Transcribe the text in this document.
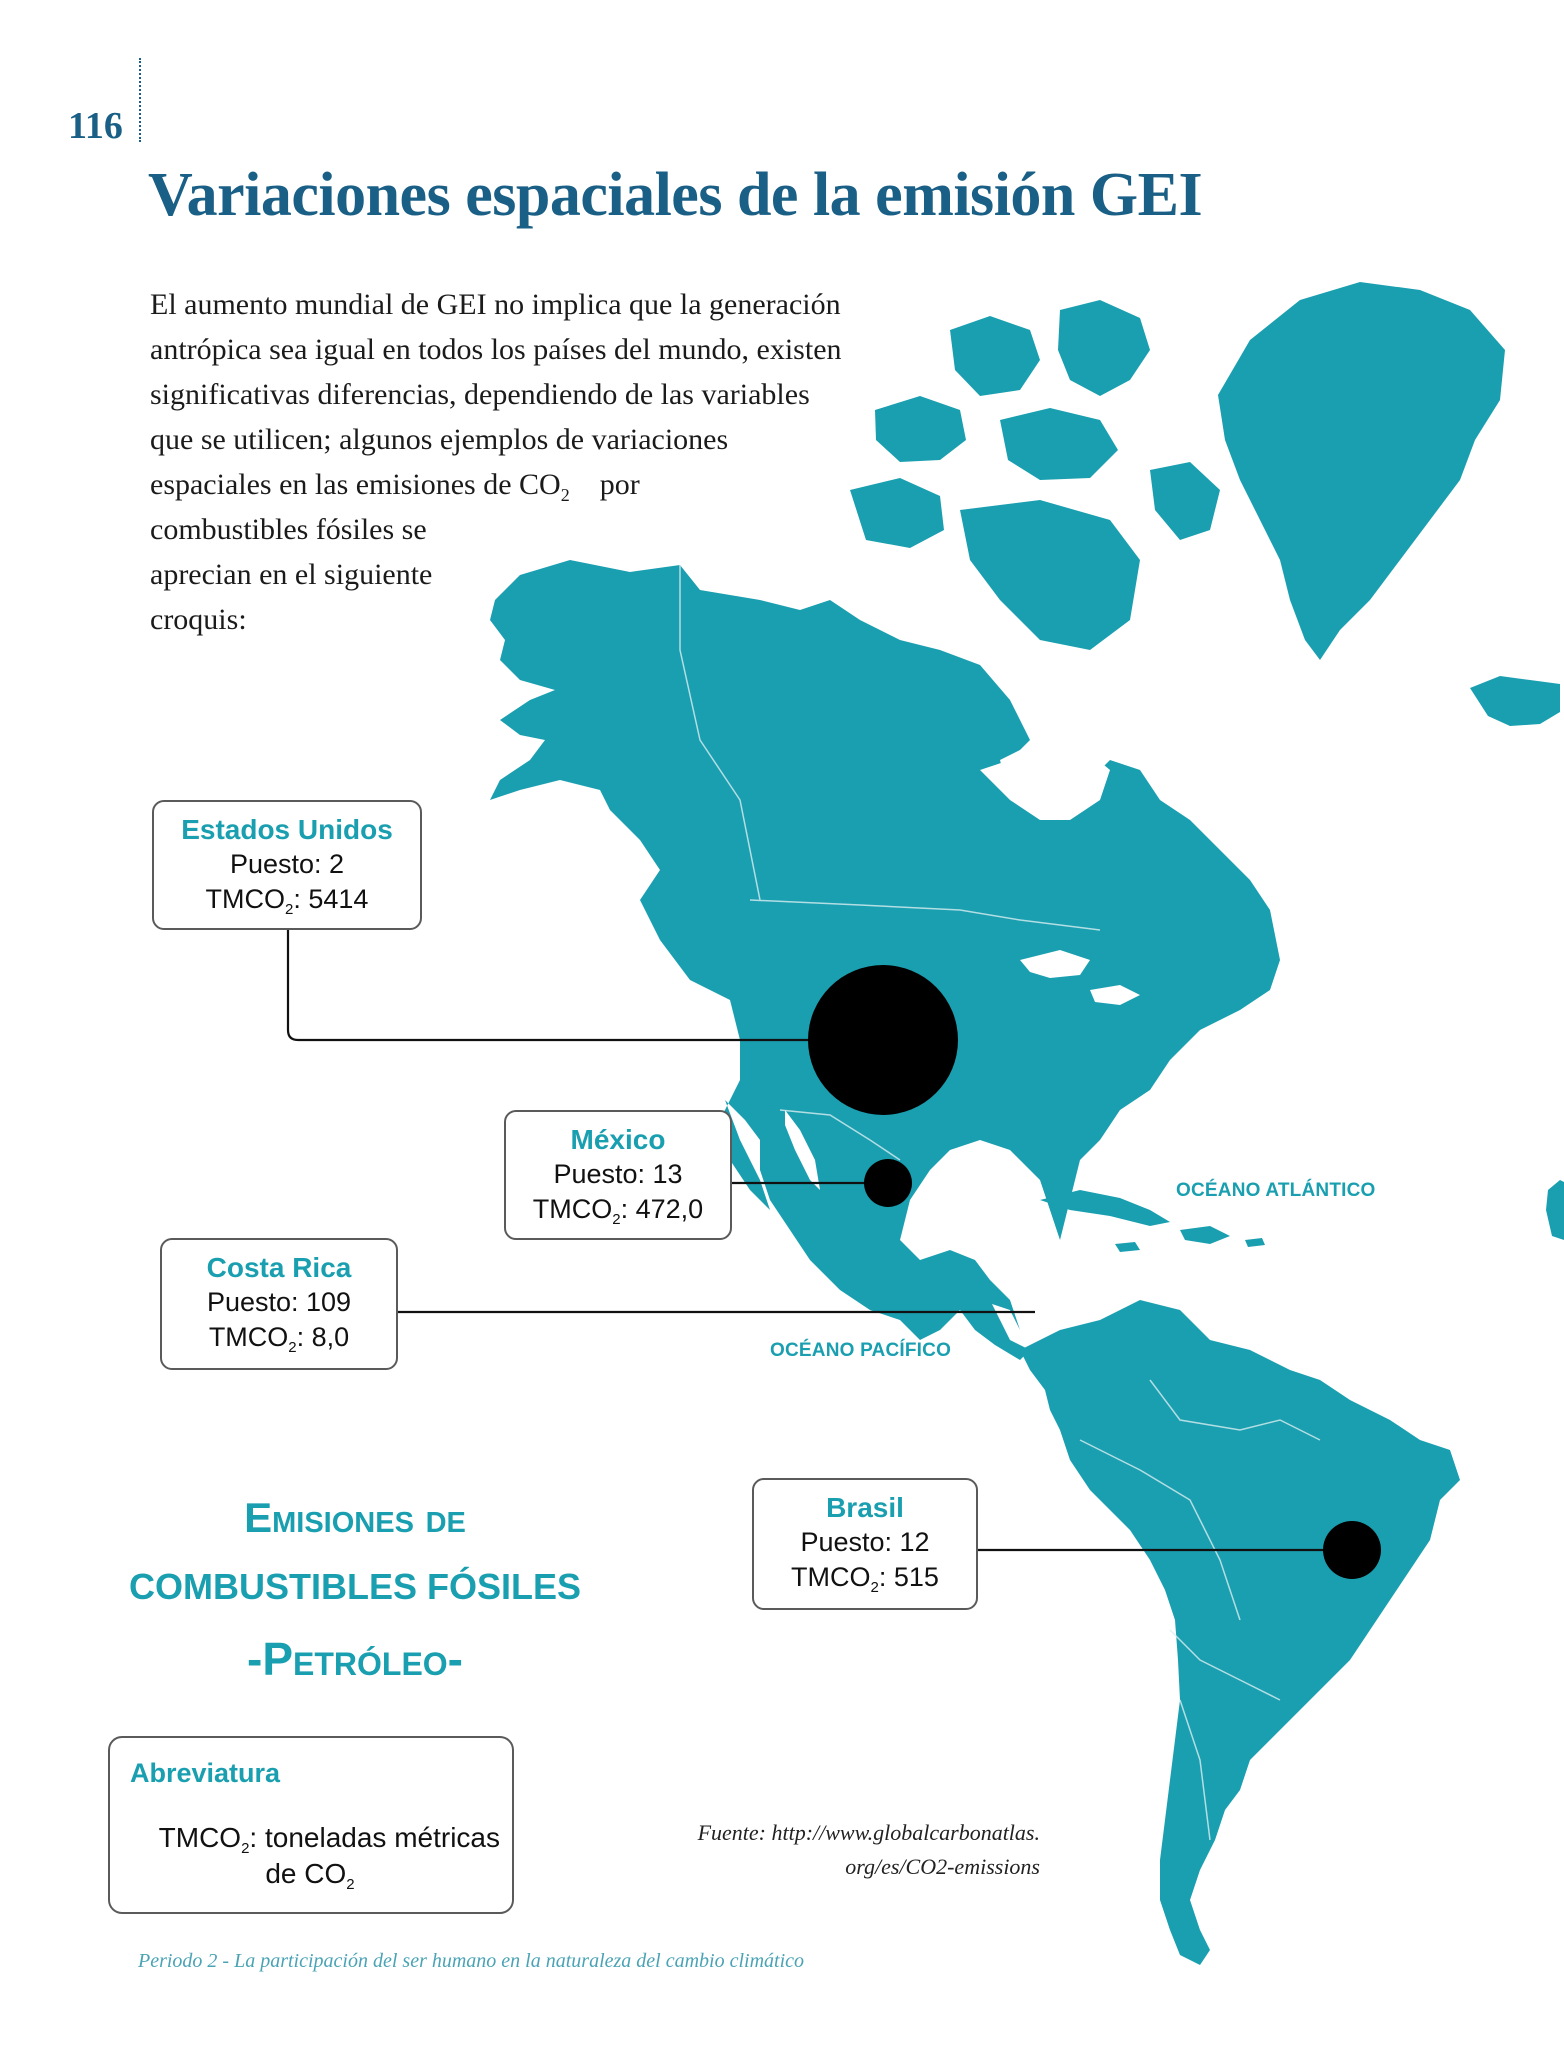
116
Variaciones espaciales de la emisión GEI
El aumento mundial de GEI no implica que la generación
antrópica sea igual en todos los países del mundo, existen
significativas diferencias, dependiendo de las variables
que se utilicen; algunos ejemplos de variaciones
espaciales en las emisiones de $CO_2$ por
combustibles fósiles se
aprecian en el siguiente
croquis:
Estados Unidos
Puesto: 2
$TMCO_2$: 5414
México
Puesto: 13
$TMCO_2$: 472,0
Costa Rica
Puesto: 109
$TMCO_2$: 8,0
Brasil
Puesto: 12
$TMCO_2$: 515
OCÉANO ATLÁNTICO
OCÉANO PACÍFICO
Emisiones de
COMBUSTIBLES FÓSILES
-Petróleo-
Abreviatura
$TMCO_2$: toneladas métricas
de $CO_2$
Fuente: http://www.globalcarbonatlas.
org/es/CO2-emissions
Periodo 2 - La participación del ser humano en la naturaleza del cambio climático
